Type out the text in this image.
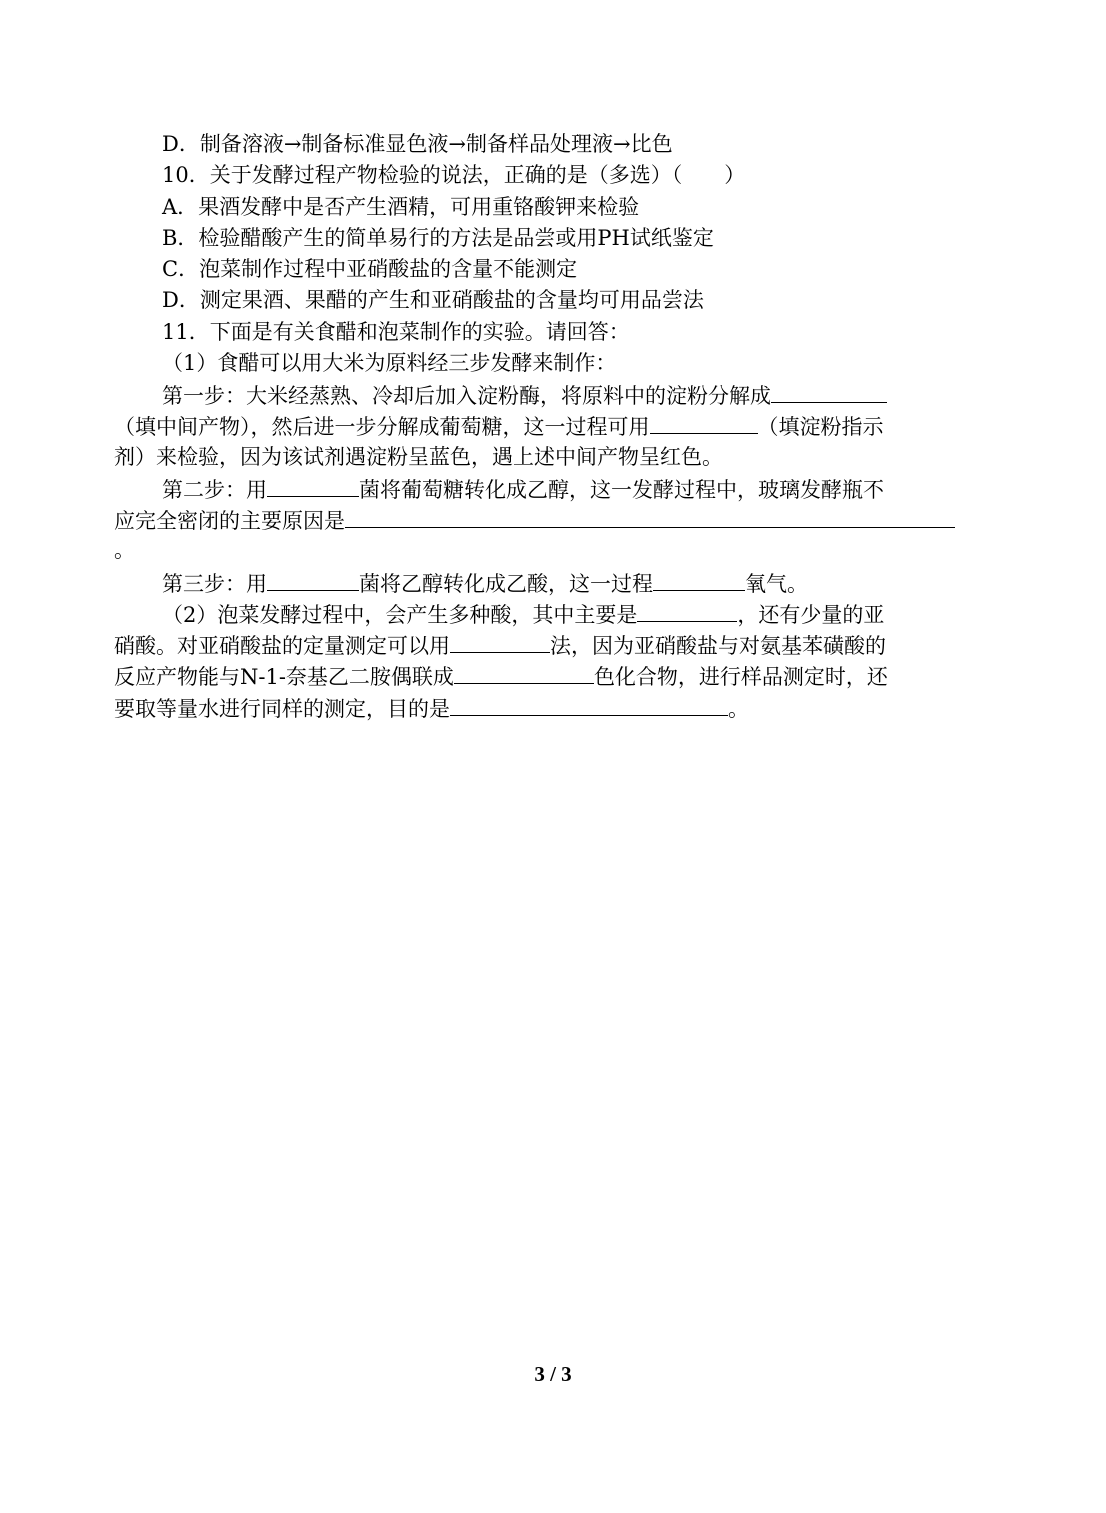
D．制备溶液→制备标准显色液→制备样品处理液→比色
10．关于发酵过程产物检验的说法，正确的是（多选）（　　）
A．果酒发酵中是否产生酒精，可用重铬酸钾来检验
B．检验醋酸产生的简单易行的方法是品尝或用PH试纸鉴定
C．泡菜制作过程中亚硝酸盐的含量不能测定
D．测定果酒、果醋的产生和亚硝酸盐的含量均可用品尝法
11．下面是有关食醋和泡菜制作的实验。请回答：
（1）食醋可以用大米为原料经三步发酵来制作：
第一步：大米经蒸熟、冷却后加入淀粉酶，将原料中的淀粉分解成
（填中间产物），然后进一步分解成葡萄糖，这一过程可用	（填淀粉指示
剂）来检验，因为该试剂遇淀粉呈蓝色，遇上述中间产物呈红色。
第二步：用	菌将葡萄糖转化成乙醇，这一发酵过程中，玻璃发酵瓶不
应完全密闭的主要原因是
。
第三步：用	菌将乙醇转化成乙酸，这一过程	氧气。
（2）泡菜发酵过程中，会产生多种酸，其中主要是	，还有少量的亚
硝酸。对亚硝酸盐的定量测定可以用	法，因为亚硝酸盐与对氨基苯磺酸的
反应产物能与N-1-奈基乙二胺偶联成	色化合物，进行样品测定时，还
要取等量水进行同样的测定，目的是	。
3 / 3
